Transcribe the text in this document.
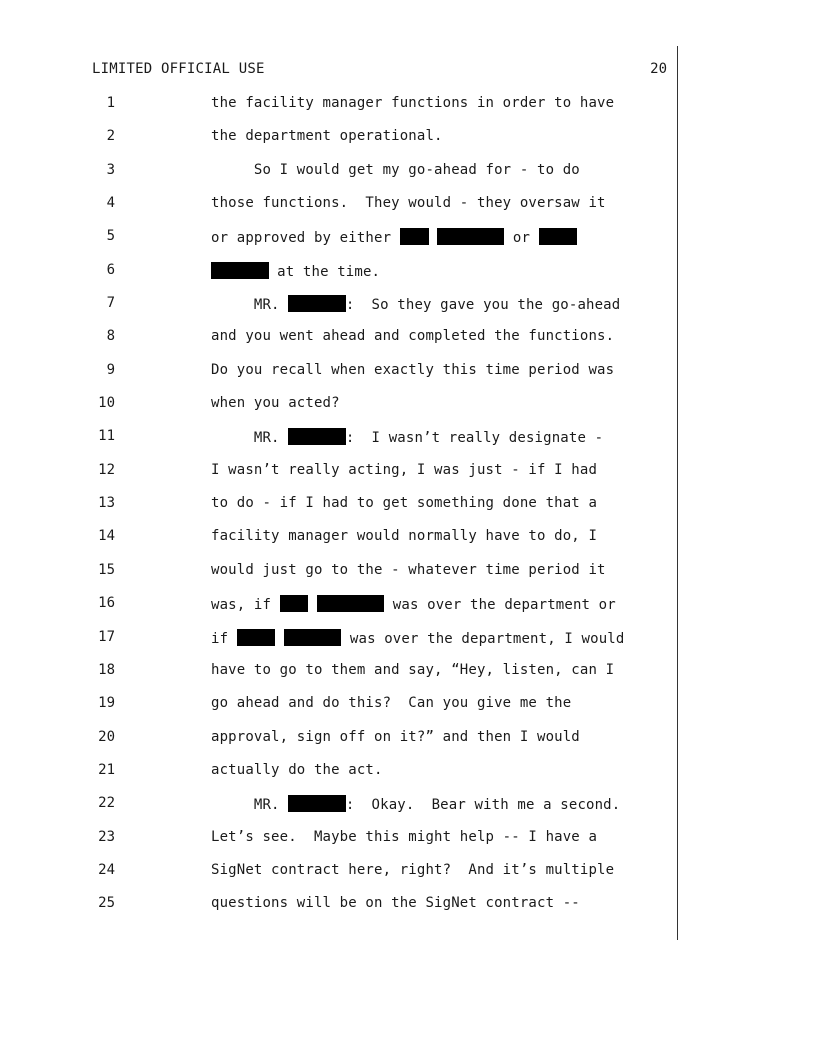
LIMITED OFFICIAL USE	20
1	the facility manager functions in order to have
2	the department operational.
3	So I would get my go-ahead for - to do
4	those functions.  They would - they oversaw it
5	or approved by either	or
6	at the time.
7	MR.	:  So they gave you the go-ahead
8	and you went ahead and completed the functions.
9	Do you recall when exactly this time period was
10	when you acted?
11	MR.	:  I wasn’t really designate -
12	I wasn’t really acting, I was just - if I had
13	to do - if I had to get something done that a
14	facility manager would normally have to do, I
15	would just go to the - whatever time period it
16	was, if	was over the department or
17	if	was over the department, I would
18	have to go to them and say, “Hey, listen, can I
19	go ahead and do this?  Can you give me the
20	approval, sign off on it?” and then I would
21	actually do the act.
22	MR.	:  Okay.  Bear with me a second.
23	Let’s see.  Maybe this might help -- I have a
24	SigNet contract here, right?  And it’s multiple
25	questions will be on the SigNet contract --
